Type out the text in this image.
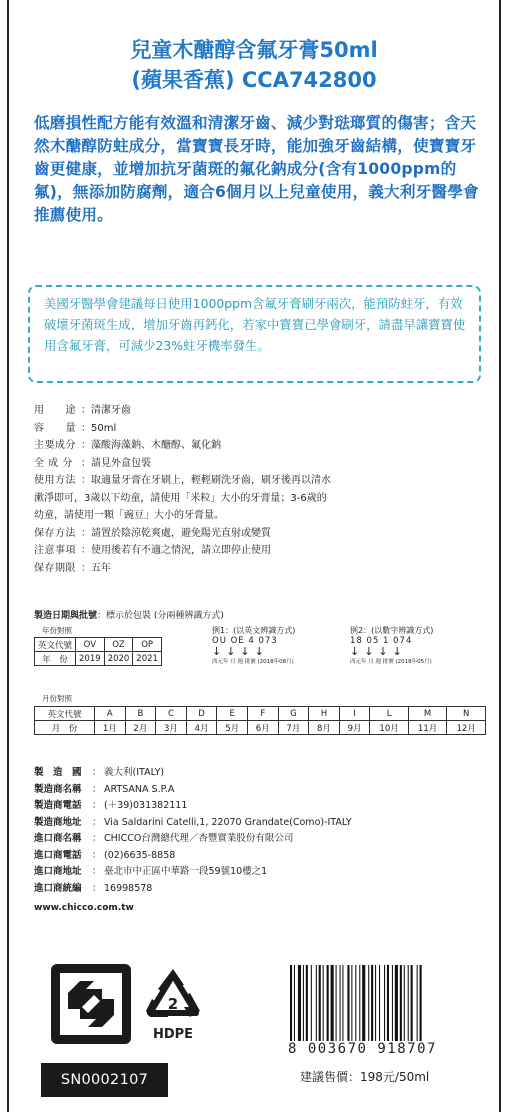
兒童木醣醇含氟牙膏50ml
(蘋果香蕉) CCA742800
低磨損性配方能有效溫和清潔牙齒、減少對琺瑯質的傷害；含天然木醣醇防蛀成分，當寶寶長牙時，能加強牙齒結構，使寶寶牙齒更健康，並增加抗牙菌斑的氟化鈉成分(含有1000ppm的氟)，無添加防腐劑，適合6個月以上兒童使用，義大利牙醫學會推薦使用。
美國牙醫學會建議每日使用1000ppm含氟牙膏刷牙兩次，能預防蛀牙，有效破壞牙菌斑生成，增加牙齒再鈣化，若家中寶寶已學會刷牙，請盡早讓寶寶使用含氟牙膏，可減少23%蛀牙機率發生。
用　　途 ： 清潔牙齒
容　　量 ： 50ml
主要成分 ： 藻酸海藻鈉、木醣醇、氟化鈉
全 成 分 ： 請見外盒包裝
使用方法 ： 取適量牙膏在牙刷上，輕輕刷洗牙齒，刷牙後再以清水
漱淨即可，3歲以下幼童，請使用「米粒」大小的牙膏量；3-6歲的
幼童，請使用一顆「豌豆」大小的牙膏量。
保存方法 ： 請置於陰涼乾爽處，避免陽光直射或變質
注意事項 ： 使用後若有不適之情況，請立即停止使用
保存期限 ： 五年
製造日期與批號：標示於包裝 (分兩種辨識方式)
年份對照
英文代號	OV	OZ	OP
年　份	2019	2020	2021
例1：(以英文辨識方式)
OU OE 4 073
↓↓↓↓
西元年 月 週 批號 (2018年08月)
例2：(以數字辨識方式)
18 05 1 074
↓↓↓↓
西元年 月 週 批號 (2018年05月)
月份對照
英文代號	A	B	C	D	E	F	G	H	I	L	M	N
月　份	1月	2月	3月	4月	5月	6月	7月	8月	9月	10月	11月	12月
製　造　國	： 義大利(ITALY)
製造商名稱	： ARTSANA S.P.A
製造商電話	： (＋39)031382111
製造商地址	： Via Saldarini Catelli,1, 22070 Grandate(Como)-ITALY
進口商名稱	： CHICCO台灣總代理／杏豐實業股份有限公司
進口商電話	： (02)6635-8858
進口商地址	： 臺北市中正區中華路一段59號10樓之1
進口商統編	： 16998578
www.chicco.com.tw
2
HDPE
8 003670 918707
SN0002107	建議售價：198元/50ml
